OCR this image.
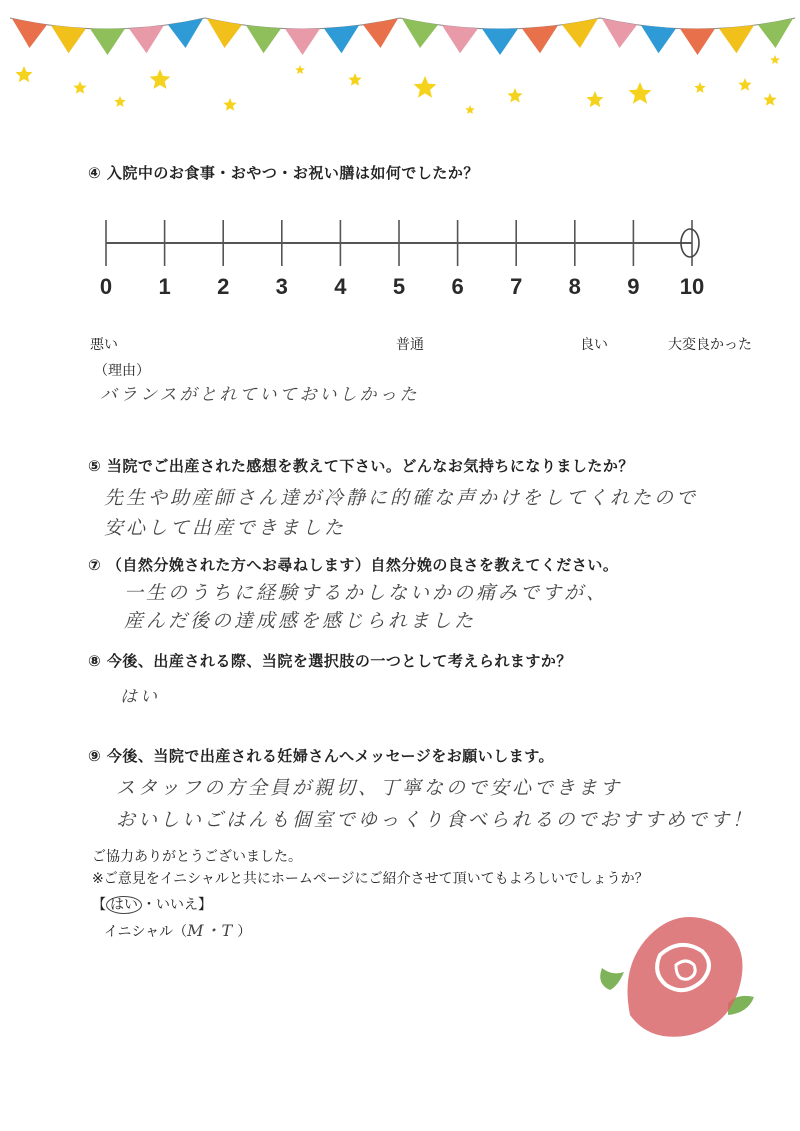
④ 入院中のお食事・おやつ・お祝い膳は如何でしたか？
0 1 2 3 4 5 6 7 8 9 10
悪い	普通	良い	大変良かった
（理由）
バランスがとれていておいしかった
⑤ 当院でご出産された感想を教えて下さい。どんなお気持ちになりましたか？
先生や助産師さん達が冷静に的確な声かけをしてくれたので
安心して出産できました
⑦ （自然分娩された方へお尋ねします）自然分娩の良さを教えてください。
一生のうちに経験するかしないかの痛みですが、
産んだ後の達成感を感じられました
⑧ 今後、出産される際、当院を選択肢の一つとして考えられますか？
はい
⑨ 今後、当院で出産される妊婦さんへメッセージをお願いします。
スタッフの方全員が親切、丁寧なので安心できます
おいしいごはんも個室でゆっくり食べられるのでおすすめです！
ご協力ありがとうございました。
※ご意見をイニシャルと共にホームページにご紹介させて頂いてもよろしいでしょうか？
【 はい ・いいえ】
イニシャル（M・T ）
